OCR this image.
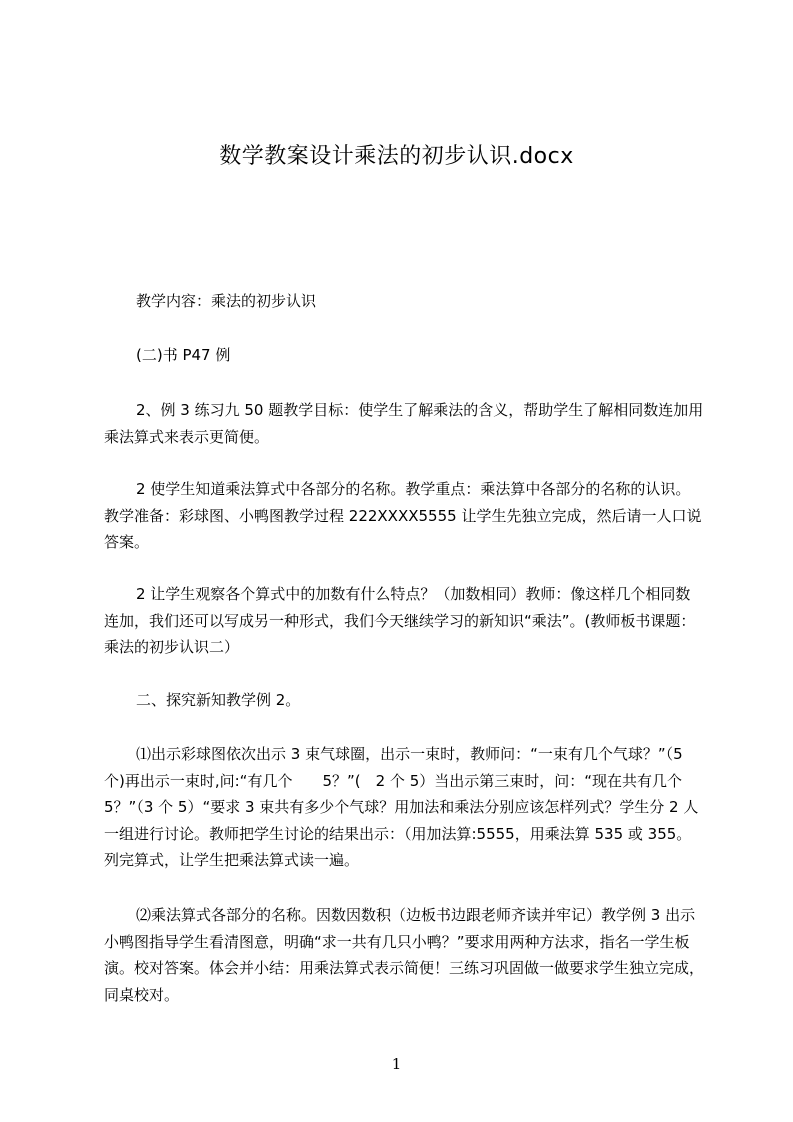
数学教案设计乘法的初步认识.docx

教学内容：乘法的初步认识

(二)书 P47 例

2、例 3 练习九 50 题教学目标：使学生了解乘法的含义，帮助学生了解相同数连加用乘法算式来表示更简便。

2 使学生知道乘法算式中各部分的名称。教学重点：乘法算中各部分的名称的认识。教学准备：彩球图、小鸭图教学过程 222XXXX5555 让学生先独立完成，然后请一人口说答案。

2 让学生观察各个算式中的加数有什么特点？（加数相同）教师：像这样几个相同数连加，我们还可以写成另一种形式，我们今天继续学习的新知识“乘法”。(教师板书课题：乘法的初步认识二）

二、探究新知教学例 2。

⑴出示彩球图依次出示 3 束气球圈，出示一束时，教师问：“一束有几个气球？”（5 个)再出示一束时,问:“有几个　　5？”(　2 个 5）当出示第三束时，问：“现在共有几个 5？”（3 个 5）“要求 3 束共有多少个气球？用加法和乘法分别应该怎样列式？学生分 2 人一组进行讨论。教师把学生讨论的结果出示：（用加法算:5555，用乘法算 535 或 355。列完算式，让学生把乘法算式读一遍。

⑵乘法算式各部分的名称。因数因数积（边板书边跟老师齐读并牢记）教学例 3 出示小鸭图指导学生看清图意，明确“求一共有几只小鸭？”要求用两种方法求，指名一学生板演。校对答案。体会并小结：用乘法算式表示简便！三练习巩固做一做要求学生独立完成，同桌校对。

1
